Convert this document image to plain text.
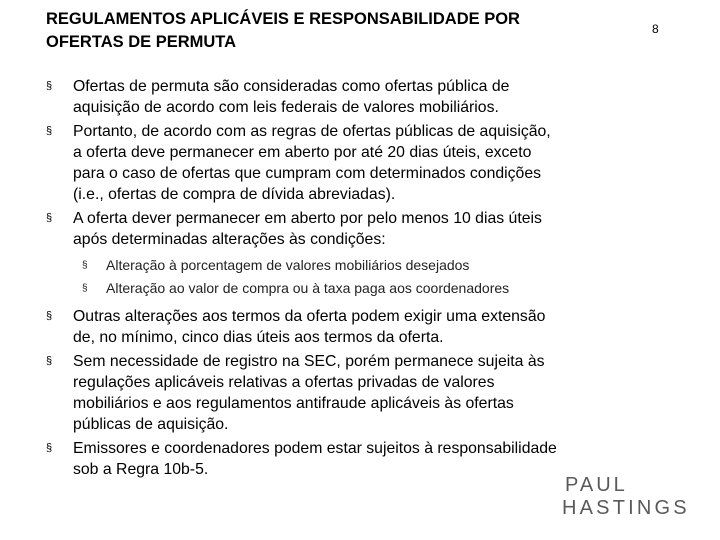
REGULAMENTOS APLICÁVEIS E RESPONSABILIDADE POR
OFERTAS DE PERMUTA
8
§ Ofertas de permuta são consideradas como ofertas pública de
aquisição de acordo com leis federais de valores mobiliários.
§ Portanto, de acordo com as regras de ofertas públicas de aquisição,
a oferta deve permanecer em aberto por até 20 dias úteis, exceto
para o caso de ofertas que cumpram com determinados condições
(i.e., ofertas de compra de dívida abreviadas).
§ A oferta dever permanecer em aberto por pelo menos 10 dias úteis
após determinadas alterações às condições:
§ Alteração à porcentagem de valores mobiliários desejados
§ Alteração ao valor de compra ou à taxa paga aos coordenadores
§ Outras alterações aos termos da oferta podem exigir uma extensão
de, no mínimo, cinco dias úteis aos termos da oferta.
§ Sem necessidade de registro na SEC, porém permanece sujeita às
regulações aplicáveis relativas a ofertas privadas de valores
mobiliários e aos regulamentos antifraude aplicáveis às ofertas
públicas de aquisição.
§ Emissores e coordenadores podem estar sujeitos à responsabilidade
sob a Regra 10b-5.
PAUL
HASTINGS
